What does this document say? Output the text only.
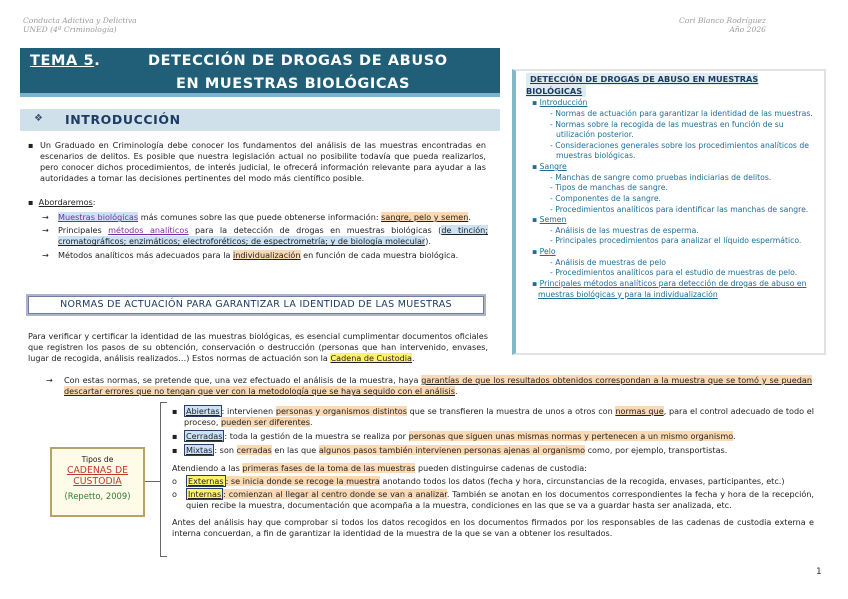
Conducta Adictiva y Delictiva
UNED (4º Criminología)
Cori Blanco Rodríguez
Año 2026
TEMA 5.	DETECCIÓN DE DROGAS DE ABUSO
EN MUESTRAS BIOLÓGICAS
❖ INTRODUCCIÓN
▪ Un Graduado en Criminología debe conocer los fundamentos del análisis de las muestras encontradas en escenarios de delitos. Es posible que nuestra legislación actual no posibilite todavía que pueda realizarlos, pero conocer dichos procedimientos, de interés judicial, le ofrecerá información relevante para ayudar a las autoridades a tomar las decisiones pertinentes del modo más científico posible.

▪ Abordaremos:
→ Muestras biológicas más comunes sobre las que puede obtenerse información: sangre, pelo y semen.

→ Principales métodos analíticos para la detección de drogas en muestras biológicas (de tinción; cromatográficos; enzimáticos; electroforéticos; de espectrometría; y de biología molecular).

→ Métodos analíticos más adecuados para la individualización en función de cada muestra biológica.
DETECCIÓN DE DROGAS DE ABUSO EN MUESTRAS BIOLÓGICAS
▪ Introducción
- Normas de actuación para garantizar la identidad de las muestras.
- Normas sobre la recogida de las muestras en función de su utilización posterior.
- Consideraciones generales sobre los procedimientos analíticos de muestras biológicas.
▪ Sangre
- Manchas de sangre como pruebas indiciarias de delitos.
- Tipos de manchas de sangre.
- Componentes de la sangre.
- Procedimientos analíticos para identificar las manchas de sangre.
▪ Semen
- Análisis de las muestras de esperma.
- Principales procedimientos para analizar el líquido espermático.
▪ Pelo
- Análisis de muestras de pelo
- Procedimientos analíticos para el estudio de muestras de pelo.
▪ Principales métodos analíticos para detección de drogas de abuso en muestras biológicas y para la individualización
NORMAS DE ACTUACIÓN PARA GARANTIZAR LA IDENTIDAD DE LAS MUESTRAS

Para verificar y certificar la identidad de las muestras biológicas, es esencial cumplimentar documentos oficiales que registren los pasos de su obtención, conservación o destrucción (personas que han intervenido, envases, lugar de recogida, análisis realizados…) Estos normas de actuación son la Cadena de Custodia.

→ Con estas normas, se pretende que, una vez efectuado el análisis de la muestra, haya garantías de que los resultados obtenidos correspondan a la muestra que se tomó y se puedan descartar errores que no tengan que ver con la metodología que se haya seguido con el análisis.

Tipos de
CADENAS DE
CUSTODIA
(Repetto, 2009)

▪ Abiertas : intervienen personas y organismos distintos que se transfieren la muestra de unos a otros con normas que, para el control adecuado de todo el proceso, pueden ser diferentes.

▪ Cerradas : toda la gestión de la muestra se realiza por personas que siguen unas mismas normas y pertenecen a un mismo organismo.

▪ Mixtas : son cerradas en las que algunos pasos también intervienen personas ajenas al organismo como, por ejemplo, transportistas.

Atendiendo a las primeras fases de la toma de las muestras pueden distinguirse cadenas de custodia:

o Externas : se inicia donde se recoge la muestra anotando todos los datos (fecha y hora, circunstancias de la recogida, envases, participantes, etc.)

o Internas : comienzan al llegar al centro donde se van a analizar. También se anotan en los documentos correspondientes la fecha y hora de la recepción, quien recibe la muestra, documentación que acompaña a la muestra, condiciones en las que se va a guardar hasta ser analizada, etc.

Antes del análisis hay que comprobar si todos los datos recogidos en los documentos firmados por los responsables de las cadenas de custodia externa e interna concuerdan, a fin de garantizar la identidad de la muestra de la que se van a obtener los resultados.

1
